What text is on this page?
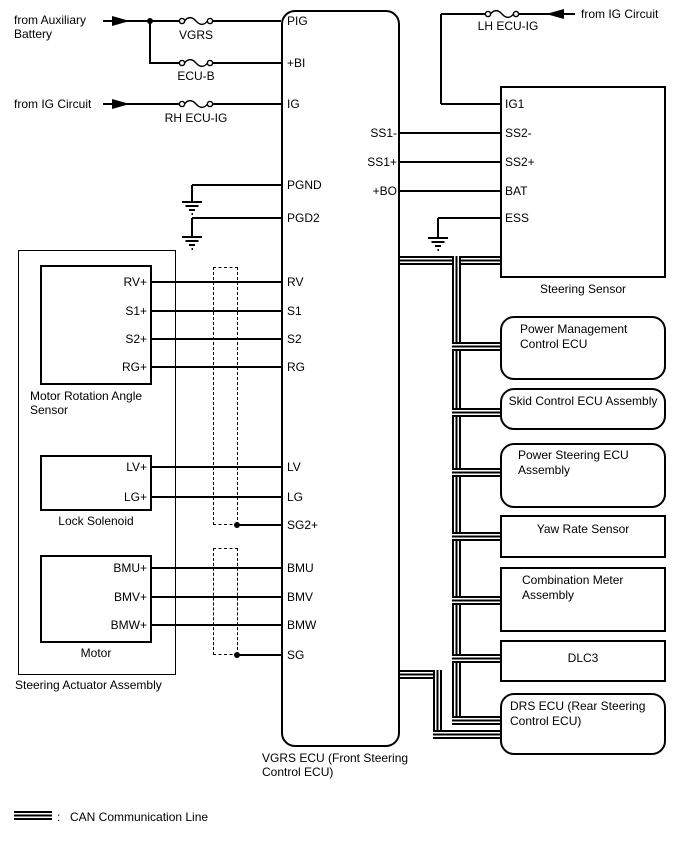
Power Management
Control ECU
Skid Control ECU Assembly
Power Steering ECU
Assembly
Yaw Rate Sensor
Combination Meter
Assembly
DLC3
DRS ECU (Rear Steering
Control ECU)
from Auxiliary
Battery
from IG Circuit
from IG Circuit
VGRS
ECU-B
RH ECU-IG
LH ECU-IG
PIG
+BI
IG
PGND
PGD2
RV
S1
S2
RG
LV
LG
SG2+
BMU
BMV
BMW
SG
SS1-
SS1+
+BO
IG1
SS2-
SS2+
BAT
ESS
RV+
S1+
S2+
RG+
LV+
LG+
BMU+
BMV+
BMW+
Motor Rotation Angle
Sensor
Lock Solenoid
Motor
Steering Actuator Assembly
Steering Sensor
VGRS ECU (Front Steering
Control ECU)
: CAN Communication Line
